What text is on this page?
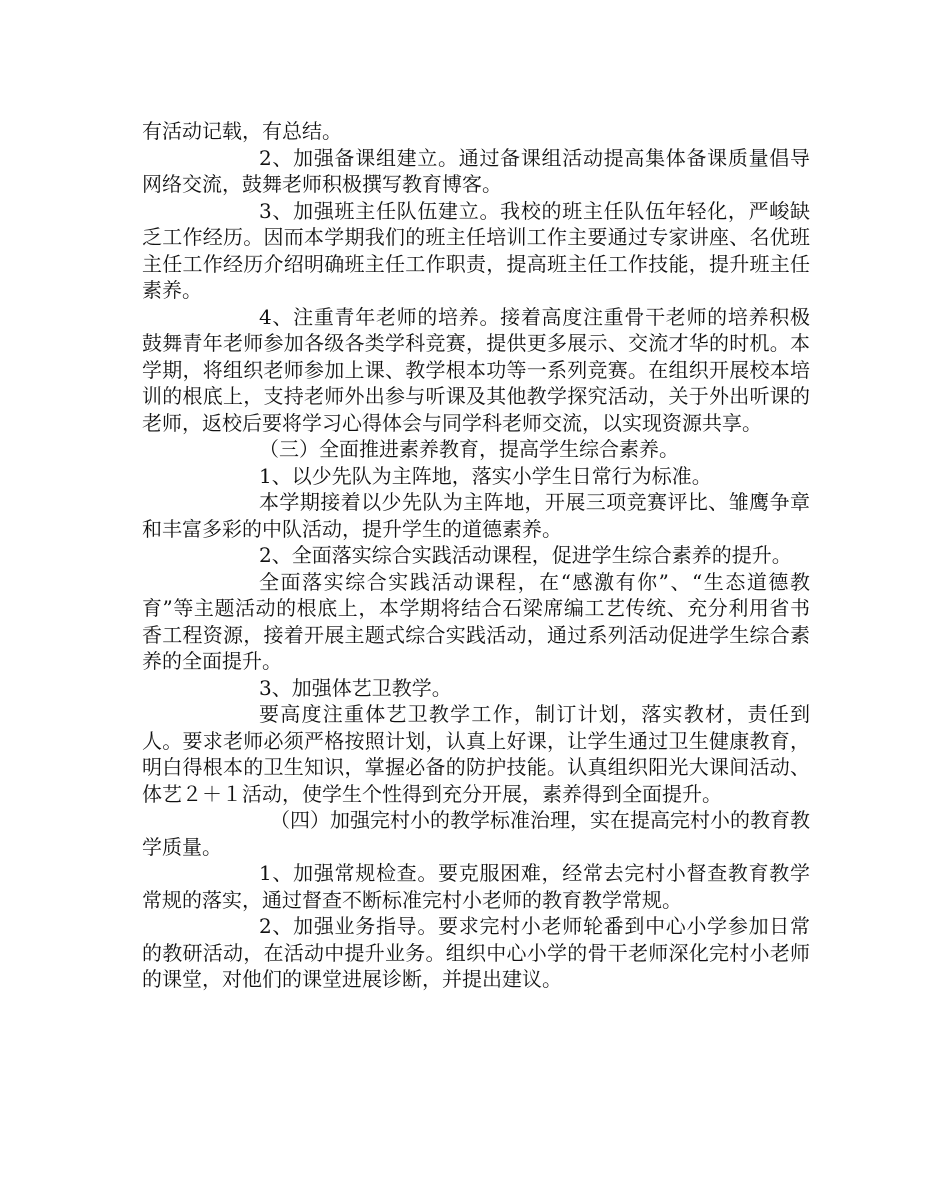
有活动记载，有总结。

2、加强备课组建立。通过备课组活动提高集体备课质量倡导网络交流，鼓舞老师积极撰写教育博客。

3、加强班主任队伍建立。我校的班主任队伍年轻化，严峻缺乏工作经历。因而本学期我们的班主任培训工作主要通过专家讲座、名优班主任工作经历介绍明确班主任工作职责，提高班主任工作技能，提升班主任素养。

4、注重青年老师的培养。接着高度注重骨干老师的培养积极鼓舞青年老师参加各级各类学科竞赛，提供更多展示、交流才华的时机。本学期，将组织老师参加上课、教学根本功等一系列竞赛。在组织开展校本培训的根底上，支持老师外出参与听课及其他教学探究活动，关于外出听课的老师，返校后要将学习心得体会与同学科老师交流，以实现资源共享。

（三）全面推进素养教育，提高学生综合素养。

1、以少先队为主阵地，落实小学生日常行为标准。

本学期接着以少先队为主阵地，开展三项竞赛评比、雏鹰争章和丰富多彩的中队活动，提升学生的道德素养。

2、全面落实综合实践活动课程，促进学生综合素养的提升。

全面落实综合实践活动课程，在“感激有你”、“生态道德教育”等主题活动的根底上，本学期将结合石梁席编工艺传统、充分利用省书香工程资源，接着开展主题式综合实践活动，通过系列活动促进学生综合素养的全面提升。

3、加强体艺卫教学。

要高度注重体艺卫教学工作，制订计划，落实教材，责任到人。要求老师必须严格按照计划，认真上好课，让学生通过卫生健康教育，明白得根本的卫生知识，掌握必备的防护技能。认真组织阳光大课间活动、体艺２＋１活动，使学生个性得到充分开展，素养得到全面提升。

（四）加强完村小的教学标准治理，实在提高完村小的教育教学质量。

1、加强常规检查。要克服困难，经常去完村小督查教育教学常规的落实，通过督查不断标准完村小老师的教育教学常规。

2、加强业务指导。要求完村小老师轮番到中心小学参加日常的教研活动，在活动中提升业务。组织中心小学的骨干老师深化完村小老师的课堂，对他们的课堂进展诊断，并提出建议。
